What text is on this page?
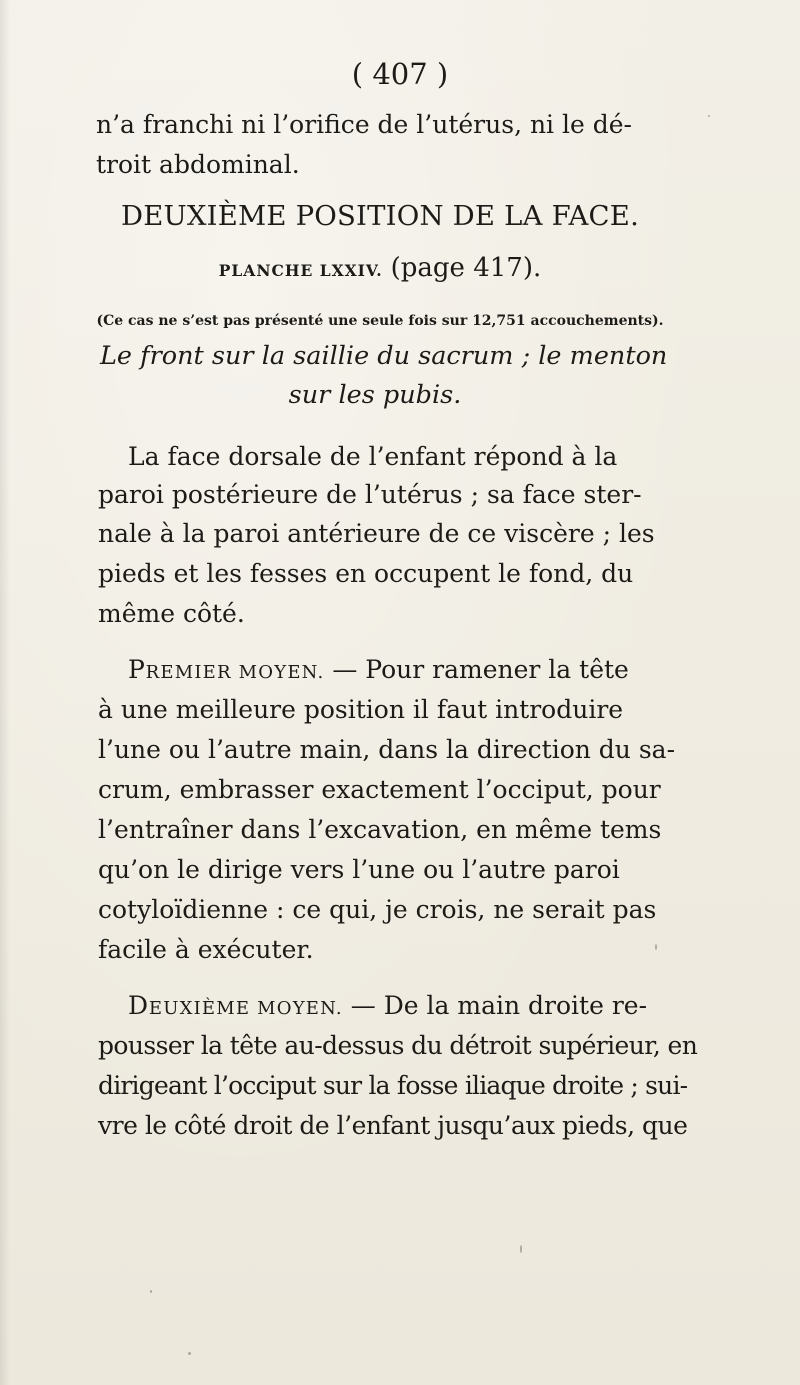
( 407 )
n’a franchi ni l’orifice de l’utérus, ni le dé-
troit abdominal.
DEUXIÈME POSITION DE LA FACE.
PLANCHE LXXIV. (page 417).
(Ce cas ne s’est pas présenté une seule fois sur 12,751 accouchements).
Le front sur la saillie du sacrum ; le menton
sur les pubis.
La face dorsale de l’enfant répond à la
paroi postérieure de l’utérus ; sa face ster-
nale à la paroi antérieure de ce viscère ; les
pieds et les fesses en occupent le fond, du
même côté.
PREMIER MOYEN. — Pour ramener la tête
à une meilleure position il faut introduire
l’une ou l’autre main, dans la direction du sa-
crum, embrasser exactement l’occiput, pour
l’entraîner dans l’excavation, en même tems
qu’on le dirige vers l’une ou l’autre paroi
cotyloïdienne : ce qui, je crois, ne serait pas
facile à exécuter.
DEUXIÈME MOYEN. — De la main droite re-
pousser la tête au-dessus du détroit supérieur, en
dirigeant l’occiput sur la fosse iliaque droite ; sui-
vre le côté droit de l’enfant jusqu’aux pieds, que
